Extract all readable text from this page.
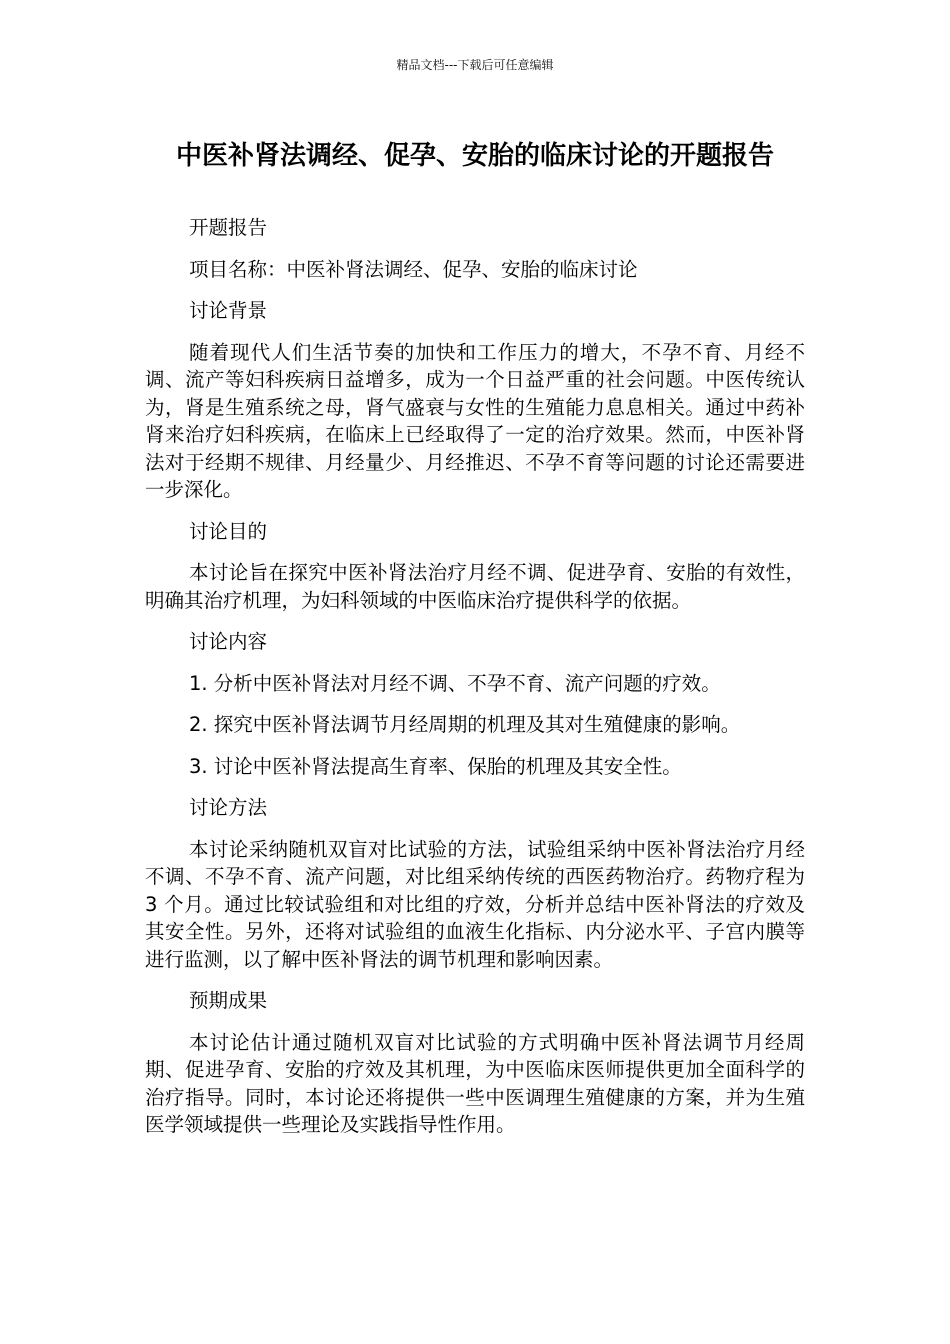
精品文档---下载后可任意编辑
中医补肾法调经、促孕、安胎的临床讨论的开题报告

开题报告

项目名称：中医补肾法调经、促孕、安胎的临床讨论

讨论背景

随着现代人们生活节奏的加快和工作压力的增大，不孕不育、月经不调、流产等妇科疾病日益增多，成为一个日益严重的社会问题。中医传统认为，肾是生殖系统之母，肾气盛衰与女性的生殖能力息息相关。通过中药补肾来治疗妇科疾病，在临床上已经取得了一定的治疗效果。然而，中医补肾法对于经期不规律、月经量少、月经推迟、不孕不育等问题的讨论还需要进一步深化。

讨论目的

本讨论旨在探究中医补肾法治疗月经不调、促进孕育、安胎的有效性，明确其治疗机理，为妇科领域的中医临床治疗提供科学的依据。

讨论内容

1. 分析中医补肾法对月经不调、不孕不育、流产问题的疗效。

2. 探究中医补肾法调节月经周期的机理及其对生殖健康的影响。

3. 讨论中医补肾法提高生育率、保胎的机理及其安全性。

讨论方法

本讨论采纳随机双盲对比试验的方法，试验组采纳中医补肾法治疗月经不调、不孕不育、流产问题，对比组采纳传统的西医药物治疗。药物疗程为 3 个月。通过比较试验组和对比组的疗效，分析并总结中医补肾法的疗效及其安全性。另外，还将对试验组的血液生化指标、内分泌水平、子宫内膜等进行监测，以了解中医补肾法的调节机理和影响因素。

预期成果

本讨论估计通过随机双盲对比试验的方式明确中医补肾法调节月经周期、促进孕育、安胎的疗效及其机理，为中医临床医师提供更加全面科学的治疗指导。同时，本讨论还将提供一些中医调理生殖健康的方案，并为生殖医学领域提供一些理论及实践指导性作用。
